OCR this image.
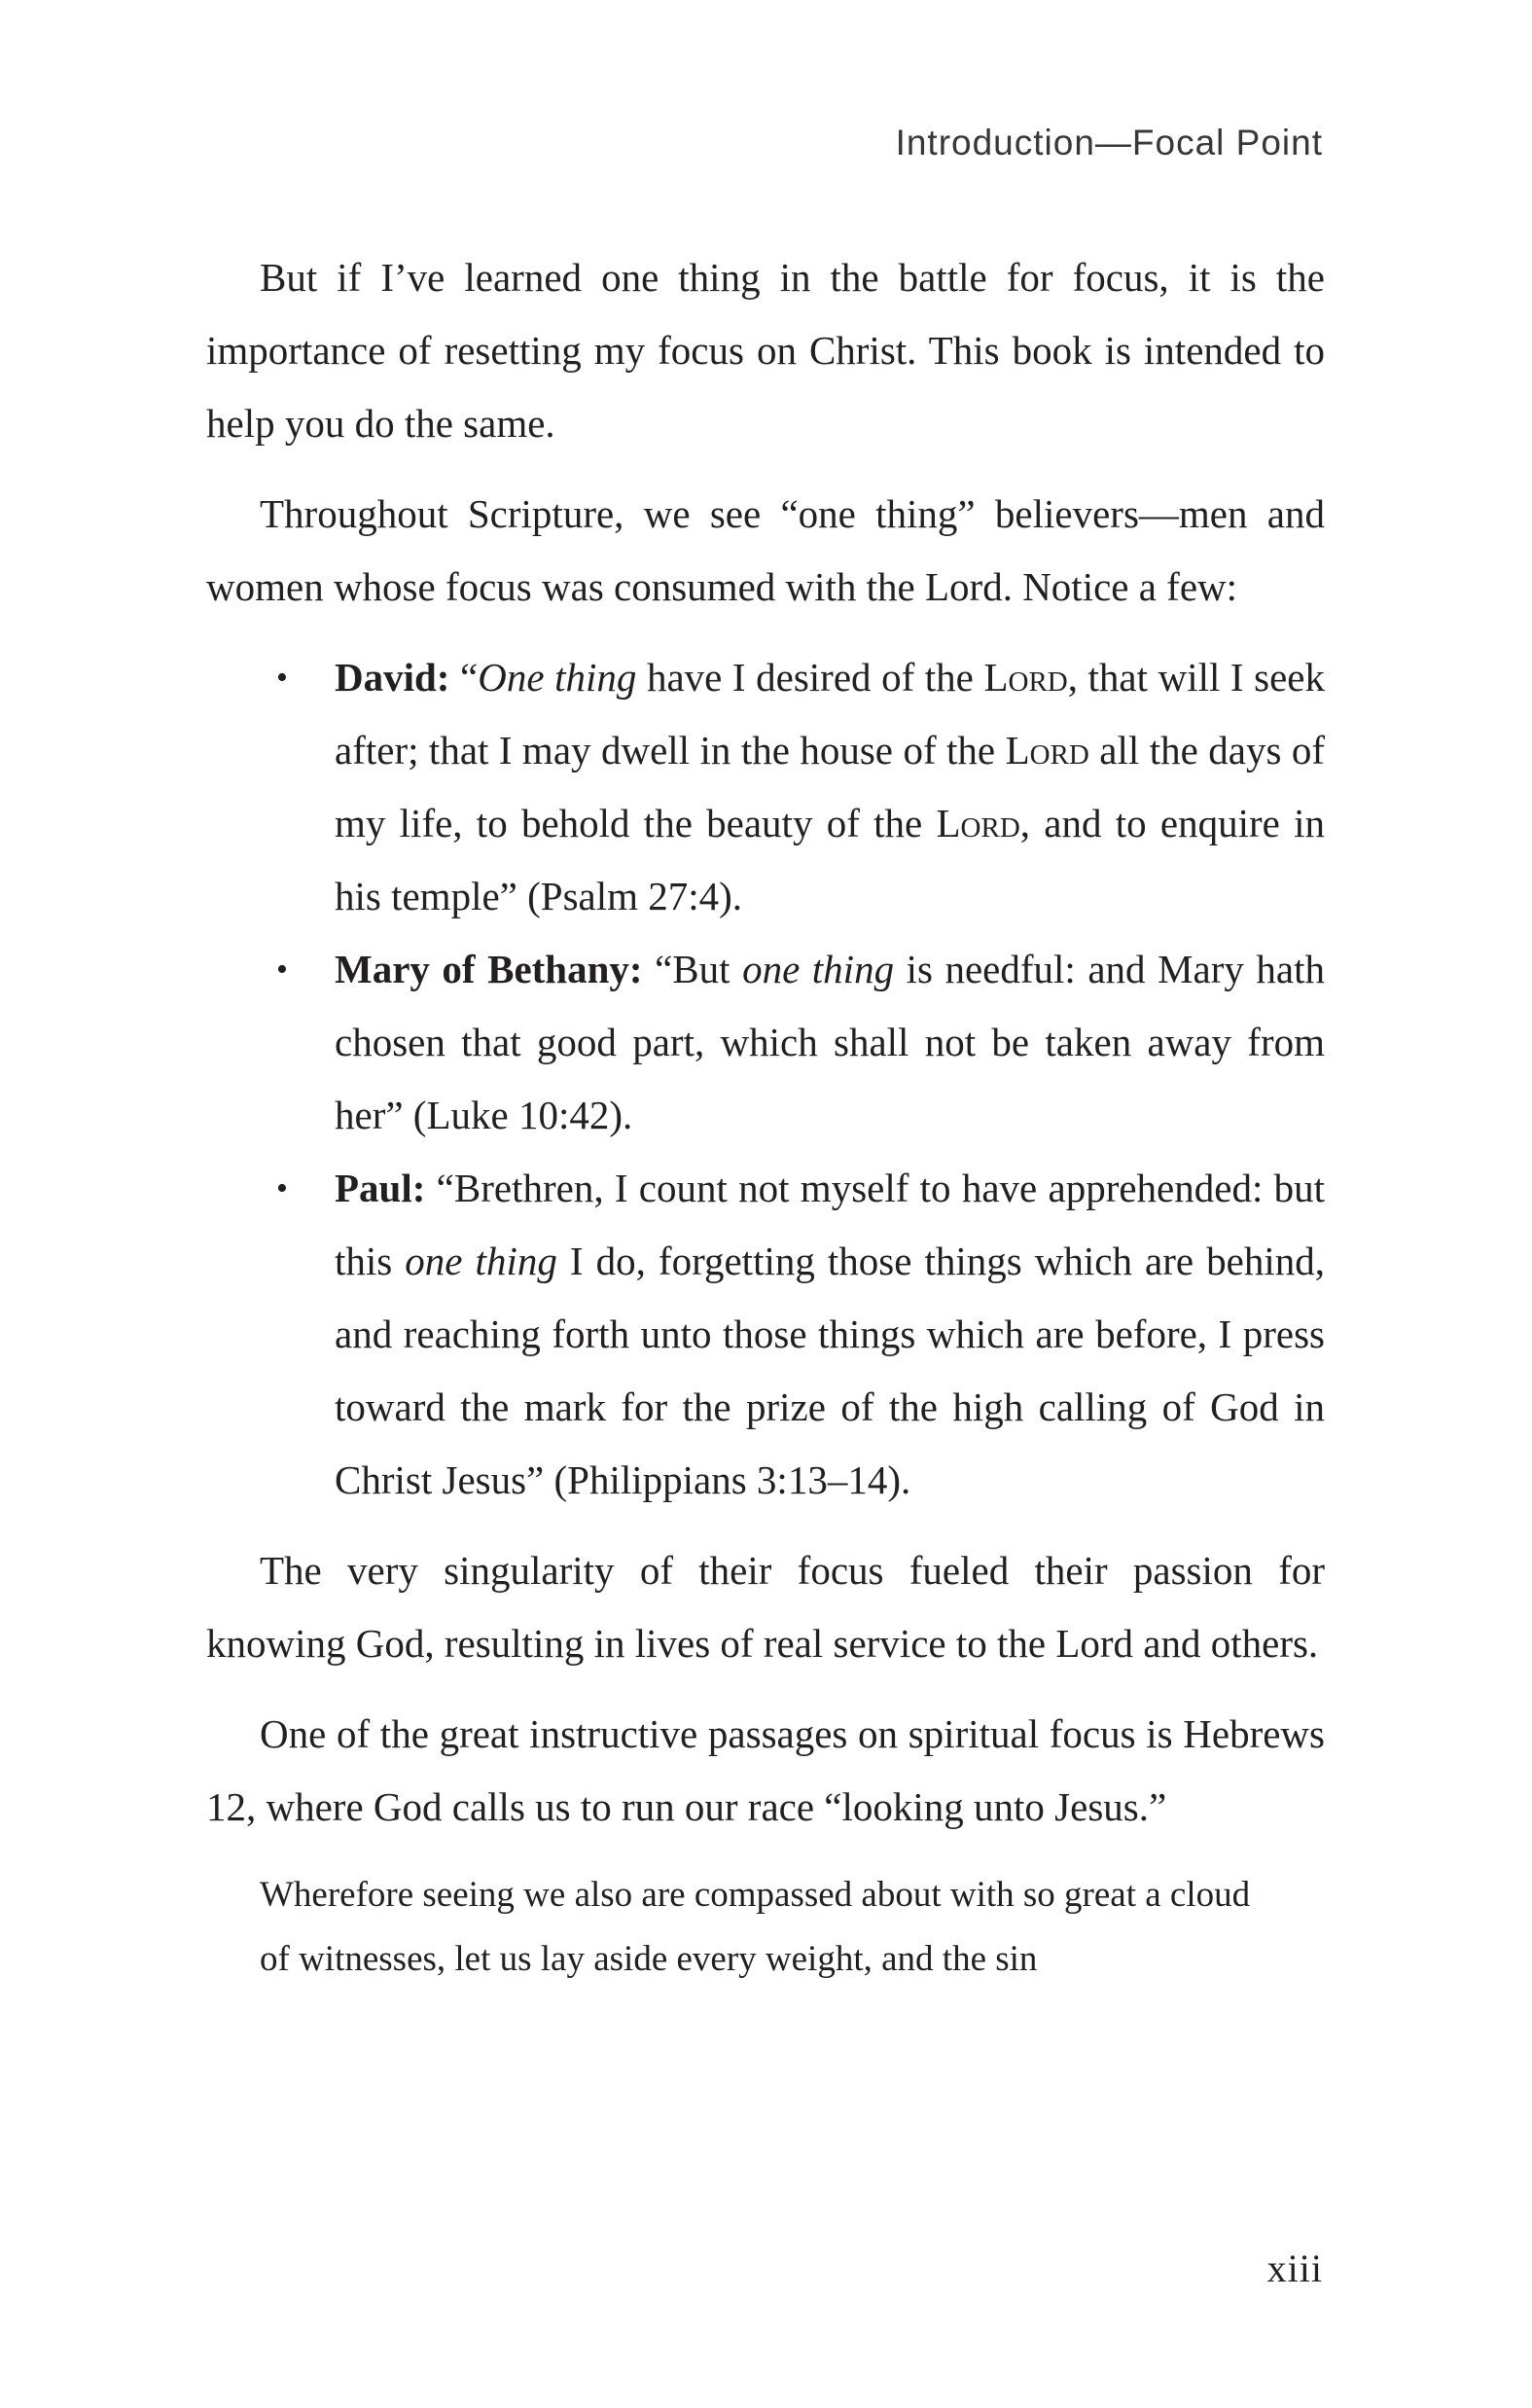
Introduction—Focal Point

But if I’ve learned one thing in the battle for focus, it is the importance of resetting my focus on Christ. This book is intended to help you do the same.

Throughout Scripture, we see “one thing” believers—men and women whose focus was consumed with the Lord. Notice a few:

• David: “One thing have I desired of the Lord, that will I seek after; that I may dwell in the house of the Lord all the days of my life, to behold the beauty of the Lord, and to enquire in his temple” (Psalm 27:4).
• Mary of Bethany: “But one thing is needful: and Mary hath chosen that good part, which shall not be taken away from her” (Luke 10:42).
• Paul: “Brethren, I count not myself to have apprehended: but this one thing I do, forgetting those things which are behind, and reaching forth unto those things which are before, I press toward the mark for the prize of the high calling of God in Christ Jesus” (Philippians 3:13–14).

The very singularity of their focus fueled their passion for knowing God, resulting in lives of real service to the Lord and others.

One of the great instructive passages on spiritual focus is Hebrews 12, where God calls us to run our race “looking unto Jesus.”

Wherefore seeing we also are compassed about with so great a cloud of witnesses, let us lay aside every weight, and the sin
xiii
